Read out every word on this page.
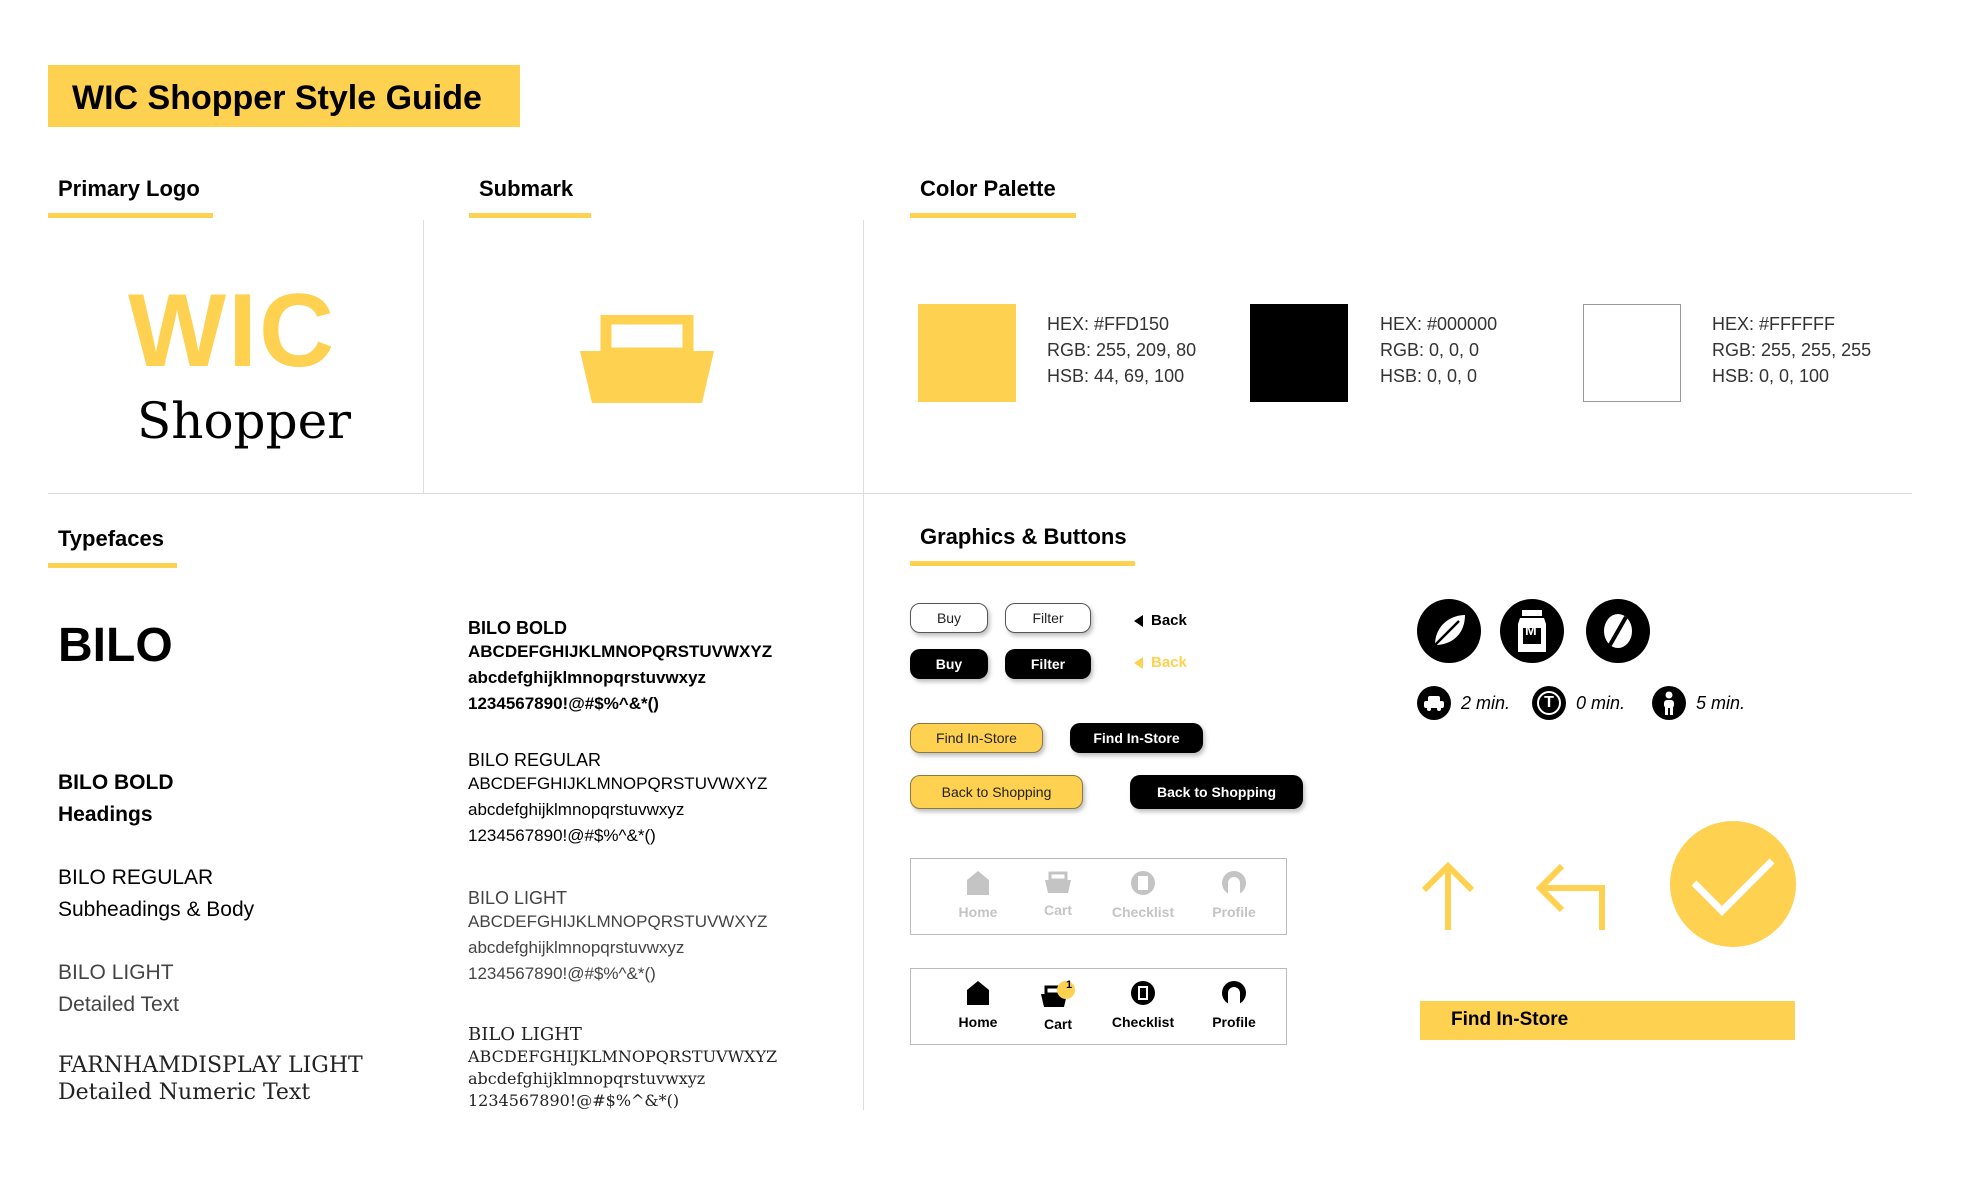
WIC Shopper Style Guide
Primary Logo	Submark	Color Palette
Typefaces	Graphics & Buttons
WIC
Shopper
HEX: #FFD150
RGB: 255, 209, 80
HSB: 44, 69, 100
HEX: #000000
RGB: 0, 0, 0
HSB: 0, 0, 0
HEX: #FFFFFF
RGB: 255, 255, 255
HSB: 0, 0, 100
BILO
BILO BOLD
Headings
BILO REGULAR
Subheadings & Body
BILO LIGHT
Detailed Text
FARNHAMDISPLAY LIGHT
Detailed Numeric Text
BILO BOLD
ABCDEFGHIJKLMNOPQRSTUVWXYZ
abcdefghijklmnopqrstuvwxyz
1234567890!@#$%^&*()
BILO REGULAR
ABCDEFGHIJKLMNOPQRSTUVWXYZ
abcdefghijklmnopqrstuvwxyz
1234567890!@#$%^&*()
BILO LIGHT
ABCDEFGHIJKLMNOPQRSTUVWXYZ
abcdefghijklmnopqrstuvwxyz
1234567890!@#$%^&*()
BILO LIGHT
ABCDEFGHIJKLMNOPQRSTUVWXYZ
abcdefghijklmnopqrstuvwxyz
1234567890!@#$%^&*()
Buy	Filter
Buy	Filter
Back
Back
Find In-Store	Find In-Store
Back to Shopping	Back to Shopping
Home	Cart	Checklist	Profile
Home
1
Cart	Checklist	Profile
M
2 min.	T	0 min.	5 min.
Find In-Store
